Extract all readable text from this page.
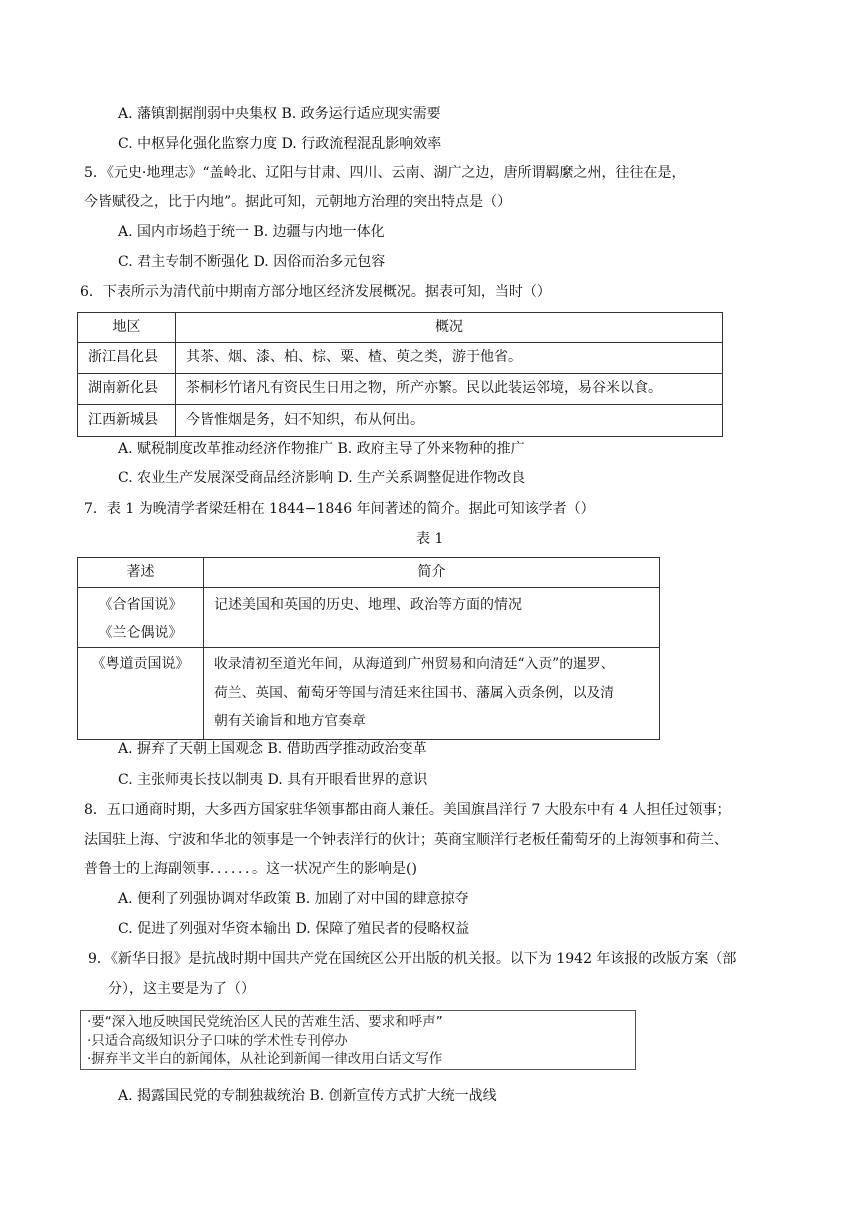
A. 藩镇割据削弱中央集权 B. 政务运行适应现实需要
C. 中枢异化强化监察力度 D. 行政流程混乱影响效率
5．《元史·地理志》“盖岭北、辽阳与甘肃、四川、云南、湖广之边，唐所谓羁縻之州，往往在是，
今皆赋役之，比于内地”。据此可知，元朝地方治理的突出特点是（）
A. 国内市场趋于统一 B. 边疆与内地一体化
C. 君主专制不断强化 D. 因俗而治多元包容
6．下表所示为清代前中期南方部分地区经济发展概况。据表可知，当时（）
地区	概况
浙江昌化县	其茶、烟、漆、柏、棕、粟、楂、萸之类，游于他省。
湖南新化县	茶桐杉竹诸凡有资民生日用之物，所产亦繁。民以此装运邻境，易谷米以食。
江西新城县	今皆惟烟是务，妇不知织，布从何出。
A. 赋税制度改革推动经济作物推广 B. 政府主导了外来物种的推广
C. 农业生产发展深受商品经济影响 D. 生产关系调整促进作物改良
7．表 1 为晚清学者梁廷枏在 1844−1846 年间著述的简介。据此可知该学者（）
表 1
著述	简介

《合省国说》
《兰仑偶说》	记述美国和英国的历史、地理、政治等方面的情况
《粤道贡国说》	收录清初至道光年间，从海道到广州贸易和向清廷“入贡”的暹罗、
荷兰、英国、葡萄牙等国与清廷来往国书、藩属入贡条例，以及清
朝有关谕旨和地方官奏章
A. 摒弃了天朝上国观念 B. 借助西学推动政治变革
C. 主张师夷长技以制夷 D. 具有开眼看世界的意识
8．五口通商时期，大多西方国家驻华领事都由商人兼任。美国旗昌洋行 7 大股东中有 4 人担任过领事；
法国驻上海、宁波和华北的领事是一个钟表洋行的伙计；英商宝顺洋行老板任葡萄牙的上海领事和荷兰、
普鲁士的上海副领事．．．．．．。这一状况产生的影响是()
A. 便利了列强协调对华政策 B. 加剧了对中国的肆意掠夺
C. 促进了列强对华资本输出 D. 保障了殖民者的侵略权益
9．《新华日报》是抗战时期中国共产党在国统区公开出版的机关报。以下为 1942 年该报的改版方案（部
分），这主要是为了（）
·要“深入地反映国民党统治区人民的苦难生活、要求和呼声”
·只适合高级知识分子口味的学术性专刊停办
·摒弃半文半白的新闻体，从社论到新闻一律改用白话文写作
A. 揭露国民党的专制独裁统治 B. 创新宣传方式扩大统一战线
